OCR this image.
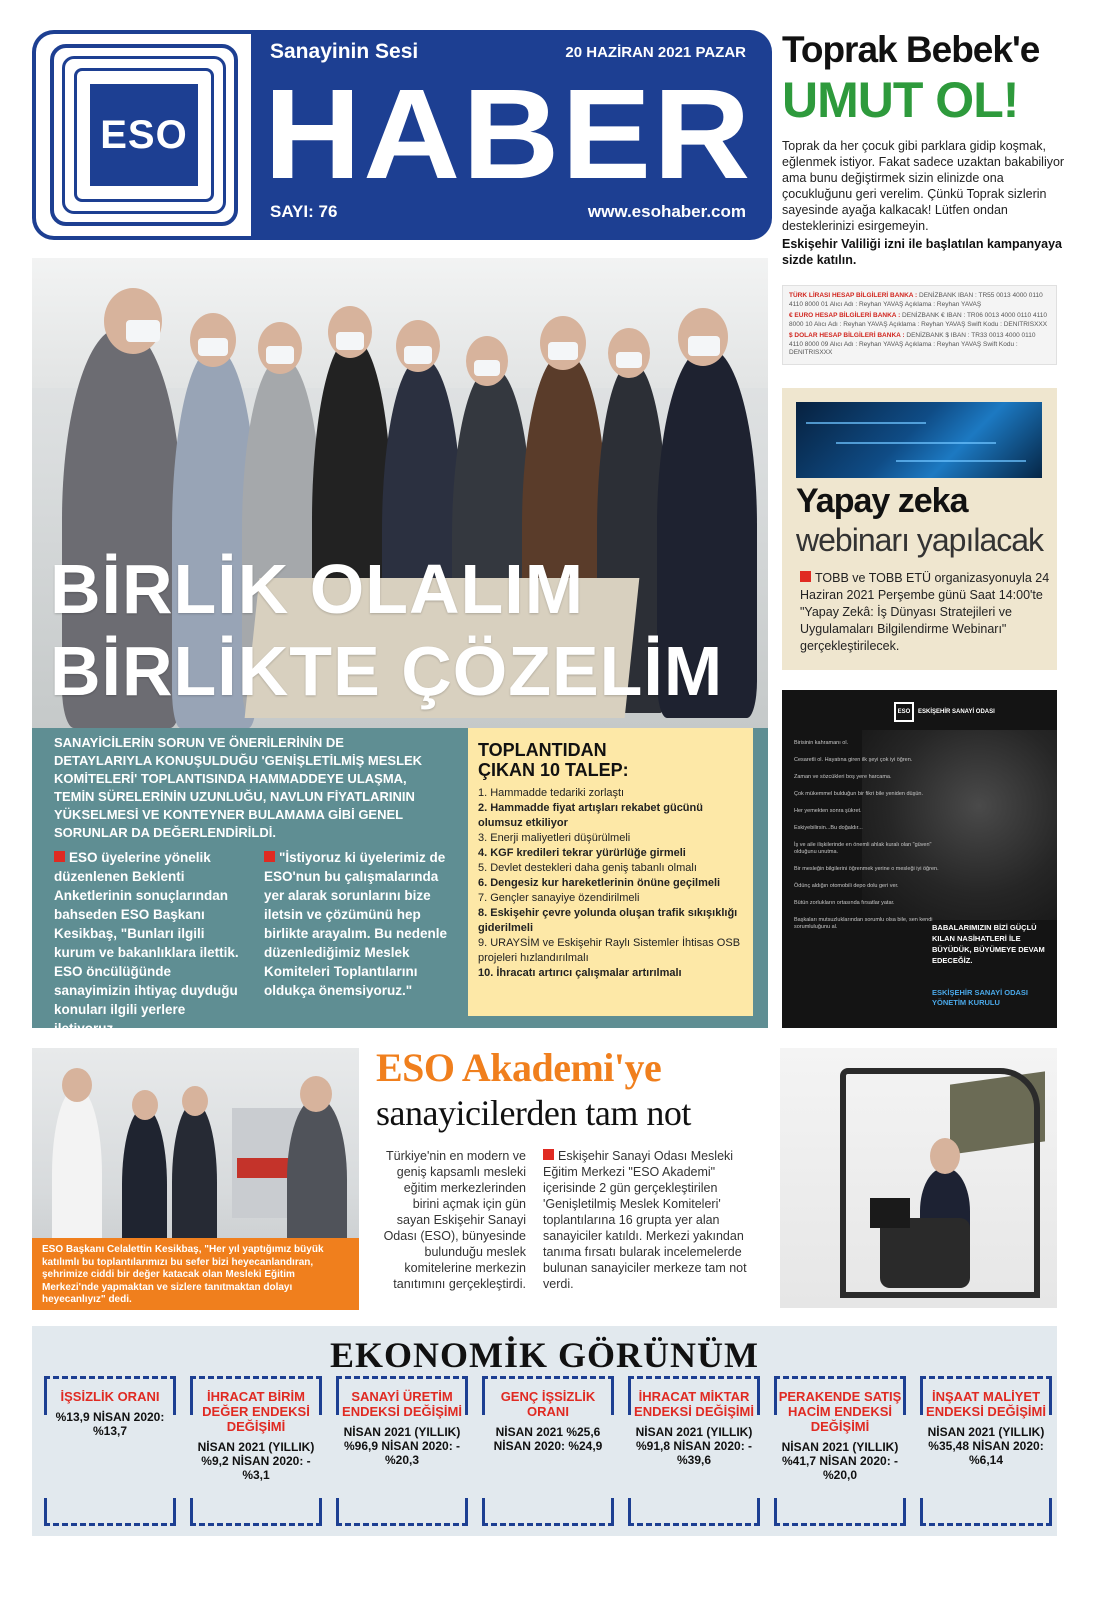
ESO
Sanayinin Sesi	20 HAZİRAN 2021 PAZAR
HABER
SAYI: 76	www.esohaber.com
Toprak Bebek'e
UMUT OL!
Toprak da her çocuk gibi parklara gidip koşmak, eğlenmek istiyor. Fakat sadece uzaktan bakabiliyor ama bunu değiştirmek sizin elinizde ona çocukluğunu geri verelim. Çünkü Toprak sizlerin sayesinde ayağa kalkacak! Lütfen ondan desteklerinizi esirgemeyin.
Eskişehir Valiliği izni ile başlatılan kampanyaya sizde katılın.
TÜRK LİRASI HESAP BİLGİLERİ BANKA : DENİZBANK IBAN : TR55 0013 4000 0110 4110 8000 01 Alıcı Adı : Reyhan YAVAŞ Açıklama : Reyhan YAVAŞ
€ EURO HESAP BİLGİLERİ BANKA : DENİZBANK € IBAN : TR06 0013 4000 0110 4110 8000 10 Alıcı Adı : Reyhan YAVAŞ Açıklama : Reyhan YAVAŞ Swift Kodu : DENITRISXXX
$ DOLAR HESAP BİLGİLERİ BANKA : DENİZBANK $ IBAN : TR33 0013 4000 0110 4110 8000 09 Alıcı Adı : Reyhan YAVAŞ Açıklama : Reyhan YAVAŞ Swift Kodu : DENITRISXXX
BİRLİK OLALIM
BİRLİKTE ÇÖZELİM
SANAYİCİLERİN SORUN VE ÖNERİLERİNİN DE DETAYLARIYLA KONUŞULDUĞU 'GENİŞLETİLMİŞ MESLEK KOMİTELERİ' TOPLANTISINDA HAMMADDEYE ULAŞMA, TEMİN SÜRELERİNİN UZUNLUĞU, NAVLUN FİYATLARININ YÜKSELMESİ VE KONTEYNER BULAMAMA GİBİ GENEL SORUNLAR DA DEĞERLENDİRİLDİ.
ESO üyelerine yönelik düzenlenen Beklenti Anketlerinin sonuçlarından bahseden ESO Başkanı Kesikbaş, "Bunları ilgili kurum ve bakanlıklara ilettik. ESO öncülüğünde sanayimizin ihtiyaç duyduğu konuları ilgili yerlere iletiyoruz.
"İstiyoruz ki üyelerimiz de ESO'nun bu çalışmalarında yer alarak sorunlarını bize iletsin ve çözümünü hep birlikte arayalım. Bu nedenle düzenlediğimiz Meslek Komiteleri Toplantılarını oldukça önemsiyoruz."
TOPLANTIDAN
ÇIKAN 10 TALEP:
1. Hammadde tedariki zorlaştı
2. Hammadde fiyat artışları rekabet gücünü olumsuz etkiliyor
3. Enerji maliyetleri düşürülmeli
4. KGF kredileri tekrar yürürlüğe girmeli
5. Devlet destekleri daha geniş tabanlı olmalı
6. Dengesiz kur hareketlerinin önüne geçilmeli
7. Gençler sanayiye özendirilmeli
8. Eskişehir çevre yolunda oluşan trafik sıkışıklığı giderilmeli
9. URAYSİM ve Eskişehir Raylı Sistemler İhtisas OSB projeleri hızlandırılmalı
10. İhracatı artırıcı çalışmalar artırılmalı
Yapay zeka
webinarı yapılacak
TOBB ve TOBB ETÜ organizasyonuyla 24 Haziran 2021 Perşembe günü Saat 14:00'te "Yapay Zekâ: İş Dünyası Stratejileri ve Uygulamaları Bilgilendirme Webinarı" gerçekleştirilecek.
ESO	ESKİŞEHİR SANAYİ ODASI
Birisinin kahramanı ol.
Cesaretli ol. Hayatına giren ilk şeyi çok iyi öğren.
Zaman ve sözcükleri boş yere harcama.
Çok mükemmel bulduğun bir fikri bile yeniden düşün.
Her yemekten sonra şükret.
Eskiyebilirsin...Bu doğaldır...
İş ve aile ilişkilerinde en önemli ahlak kuralı olan "güven" olduğunu unutma.
Bir mesleğin bilgilerini öğrenmek yerine o mesleği iyi öğren.
Ödünç aldığın otomobili depo dolu geri ver.
Bütün zorlukların ortasında fırsatlar yatar.
Başkaları mutsuzluklarından sorumlu olsa bile, sen kendi sorumluluğunu al.	BABALARIMIZIN BİZİ GÜÇLÜ KILAN NASİHATLERİ İLE BÜYÜDÜK, BÜYÜMEYE DEVAM EDECEĞİZ.
ESKİŞEHİR SANAYİ ODASI YÖNETİM KURULU
ESO Başkanı Celalettin Kesikbaş, "Her yıl yaptığımız büyük katılımlı bu toplantılarımızı bu sefer bizi heyecanlandıran, şehrimize ciddi bir değer katacak olan Mesleki Eğitim Merkezi'nde yapmaktan ve sizlere tanıtmaktan dolayı heyecanlıyız" dedi.
ESO Akademi'ye
sanayicilerden tam not
Türkiye'nin en modern ve geniş kapsamlı mesleki eğitim merkezlerinden birini açmak için gün sayan Eskişehir Sanayi Odası (ESO), bünyesinde bulunduğu meslek komitelerine merkezin tanıtımını gerçekleştirdi.
Eskişehir Sanayi Odası Mesleki Eğitim Merkezi "ESO Akademi" içerisinde 2 gün gerçekleştirilen 'Genişletilmiş Meslek Komiteleri' toplantılarına 16 grupta yer alan sanayiciler katıldı. Merkezi yakından tanıma fırsatı bularak incelemelerde bulunan sanayiciler merkeze tam not verdi.
EKONOMİK GÖRÜNÜM
İŞSİZLİK ORANI
%13,9 NİSAN 2020: %13,7
İHRACAT BİRİM DEĞER ENDEKSİ DEĞİŞİMİ
NİSAN 2021 (YILLIK) %9,2 NİSAN 2020: -%3,1
SANAYİ ÜRETİM ENDEKSİ DEĞİŞİMİ
NİSAN 2021 (YILLIK) %96,9 NİSAN 2020: -%20,3
GENÇ İŞSİZLİK ORANI
NİSAN 2021 %25,6 NİSAN 2020: %24,9
İHRACAT MİKTAR ENDEKSİ DEĞİŞİMİ
NİSAN 2021 (YILLIK) %91,8 NİSAN 2020: -%39,6
PERAKENDE SATIŞ HACİM ENDEKSİ DEĞİŞİMİ
NİSAN 2021 (YILLIK) %41,7 NİSAN 2020: -%20,0
İNŞAAT MALİYET ENDEKSİ DEĞİŞİMİ
NİSAN 2021 (YILLIK) %35,48 NİSAN 2020: %6,14
